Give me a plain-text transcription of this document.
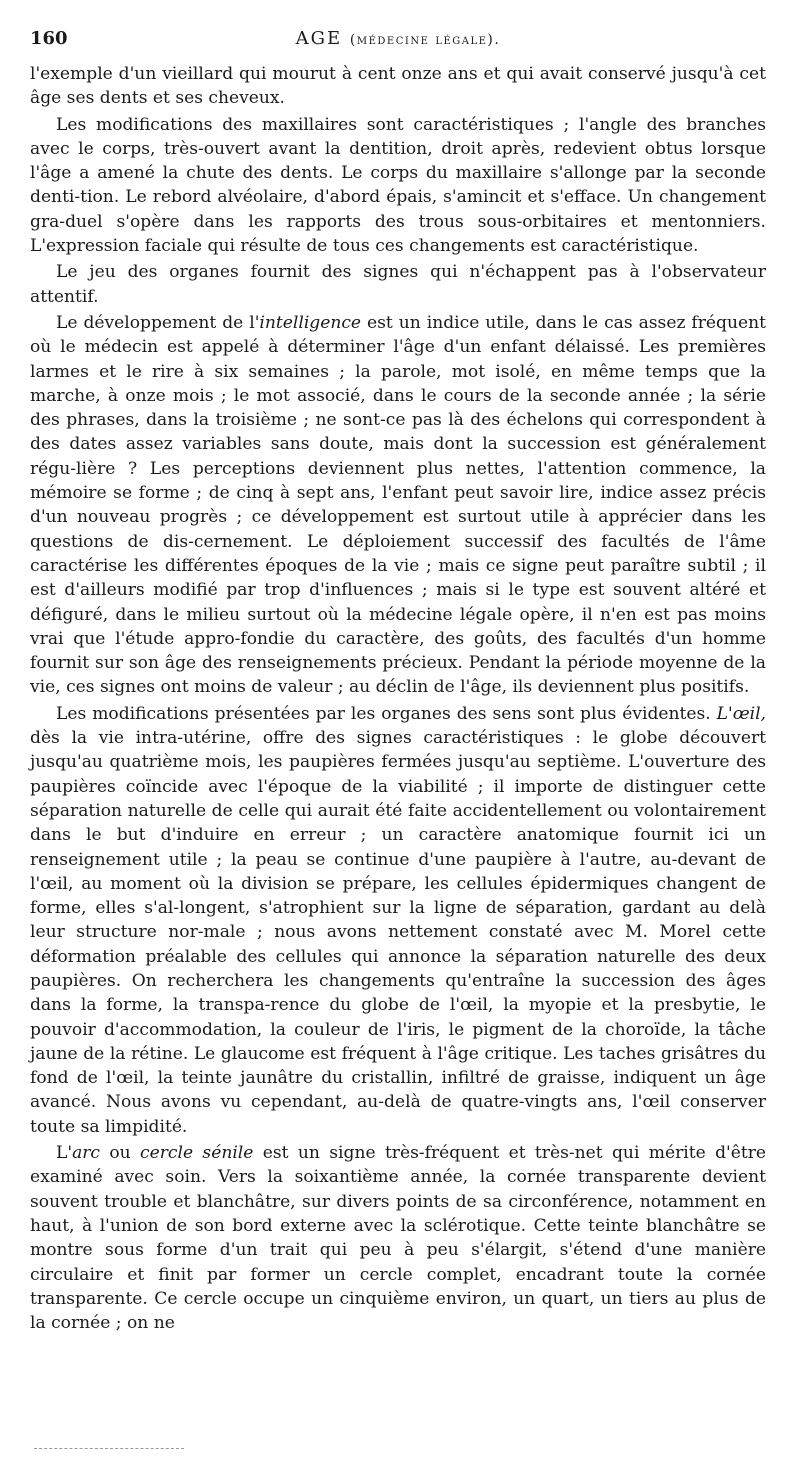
160	AGE (médecine légale).

l'exemple d'un vieillard qui mourut à cent onze ans et qui avait conservé jusqu'à cet âge ses dents et ses cheveux.

Les modifications des maxillaires sont caractéristiques ; l'angle des branches avec le corps, très-ouvert avant la dentition, droit après, redevient obtus lorsque l'âge a amené la chute des dents. Le corps du maxillaire s'allonge par la seconde denti-tion. Le rebord alvéolaire, d'abord épais, s'amincit et s'efface. Un changement gra-duel s'opère dans les rapports des trous sous-orbitaires et mentonniers. L'expression faciale qui résulte de tous ces changements est caractéristique.

Le jeu des organes fournit des signes qui n'échappent pas à l'observateur attentif.

Le développement de l'intelligence est un indice utile, dans le cas assez fréquent où le médecin est appelé à déterminer l'âge d'un enfant délaissé. Les premières larmes et le rire à six semaines ; la parole, mot isolé, en même temps que la marche, à onze mois ; le mot associé, dans le cours de la seconde année ; la série des phrases, dans la troisième ; ne sont-ce pas là des échelons qui correspondent à des dates assez variables sans doute, mais dont la succession est généralement régu-lière ? Les perceptions deviennent plus nettes, l'attention commence, la mémoire se forme ; de cinq à sept ans, l'enfant peut savoir lire, indice assez précis d'un nouveau progrès ; ce développement est surtout utile à apprécier dans les questions de dis-cernement. Le déploiement successif des facultés de l'âme caractérise les différentes époques de la vie ; mais ce signe peut paraître subtil ; il est d'ailleurs modifié par trop d'influences ; mais si le type est souvent altéré et défiguré, dans le milieu surtout où la médecine légale opère, il n'en est pas moins vrai que l'étude appro-fondie du caractère, des goûts, des facultés d'un homme fournit sur son âge des renseignements précieux. Pendant la période moyenne de la vie, ces signes ont moins de valeur ; au déclin de l'âge, ils deviennent plus positifs.

Les modifications présentées par les organes des sens sont plus évidentes. L'œil, dès la vie intra-utérine, offre des signes caractéristiques : le globe découvert jusqu'au quatrième mois, les paupières fermées jusqu'au septième. L'ouverture des paupières coïncide avec l'époque de la viabilité ; il importe de distinguer cette séparation naturelle de celle qui aurait été faite accidentellement ou volontairement dans le but d'induire en erreur ; un caractère anatomique fournit ici un renseignement utile ; la peau se continue d'une paupière à l'autre, au-devant de l'œil, au moment où la division se prépare, les cellules épidermiques changent de forme, elles s'al-longent, s'atrophient sur la ligne de séparation, gardant au delà leur structure nor-male ; nous avons nettement constaté avec M. Morel cette déformation préalable des cellules qui annonce la séparation naturelle des deux paupières. On recherchera les changements qu'entraîne la succession des âges dans la forme, la transpa-rence du globe de l'œil, la myopie et la presbytie, le pouvoir d'accommodation, la couleur de l'iris, le pigment de la choroïde, la tâche jaune de la rétine. Le glaucome est fréquent à l'âge critique. Les taches grisâtres du fond de l'œil, la teinte jaunâtre du cristallin, infiltré de graisse, indiquent un âge avancé. Nous avons vu cependant, au-delà de quatre-vingts ans, l'œil conserver toute sa limpidité.

L'arc ou cercle sénile est un signe très-fréquent et très-net qui mérite d'être examiné avec soin. Vers la soixantième année, la cornée transparente devient souvent trouble et blanchâtre, sur divers points de sa circonférence, notamment en haut, à l'union de son bord externe avec la sclérotique. Cette teinte blanchâtre se montre sous forme d'un trait qui peu à peu s'élargit, s'étend d'une manière circulaire et finit par former un cercle complet, encadrant toute la cornée transparente. Ce cercle occupe un cinquième environ, un quart, un tiers au plus de la cornée ; on ne
